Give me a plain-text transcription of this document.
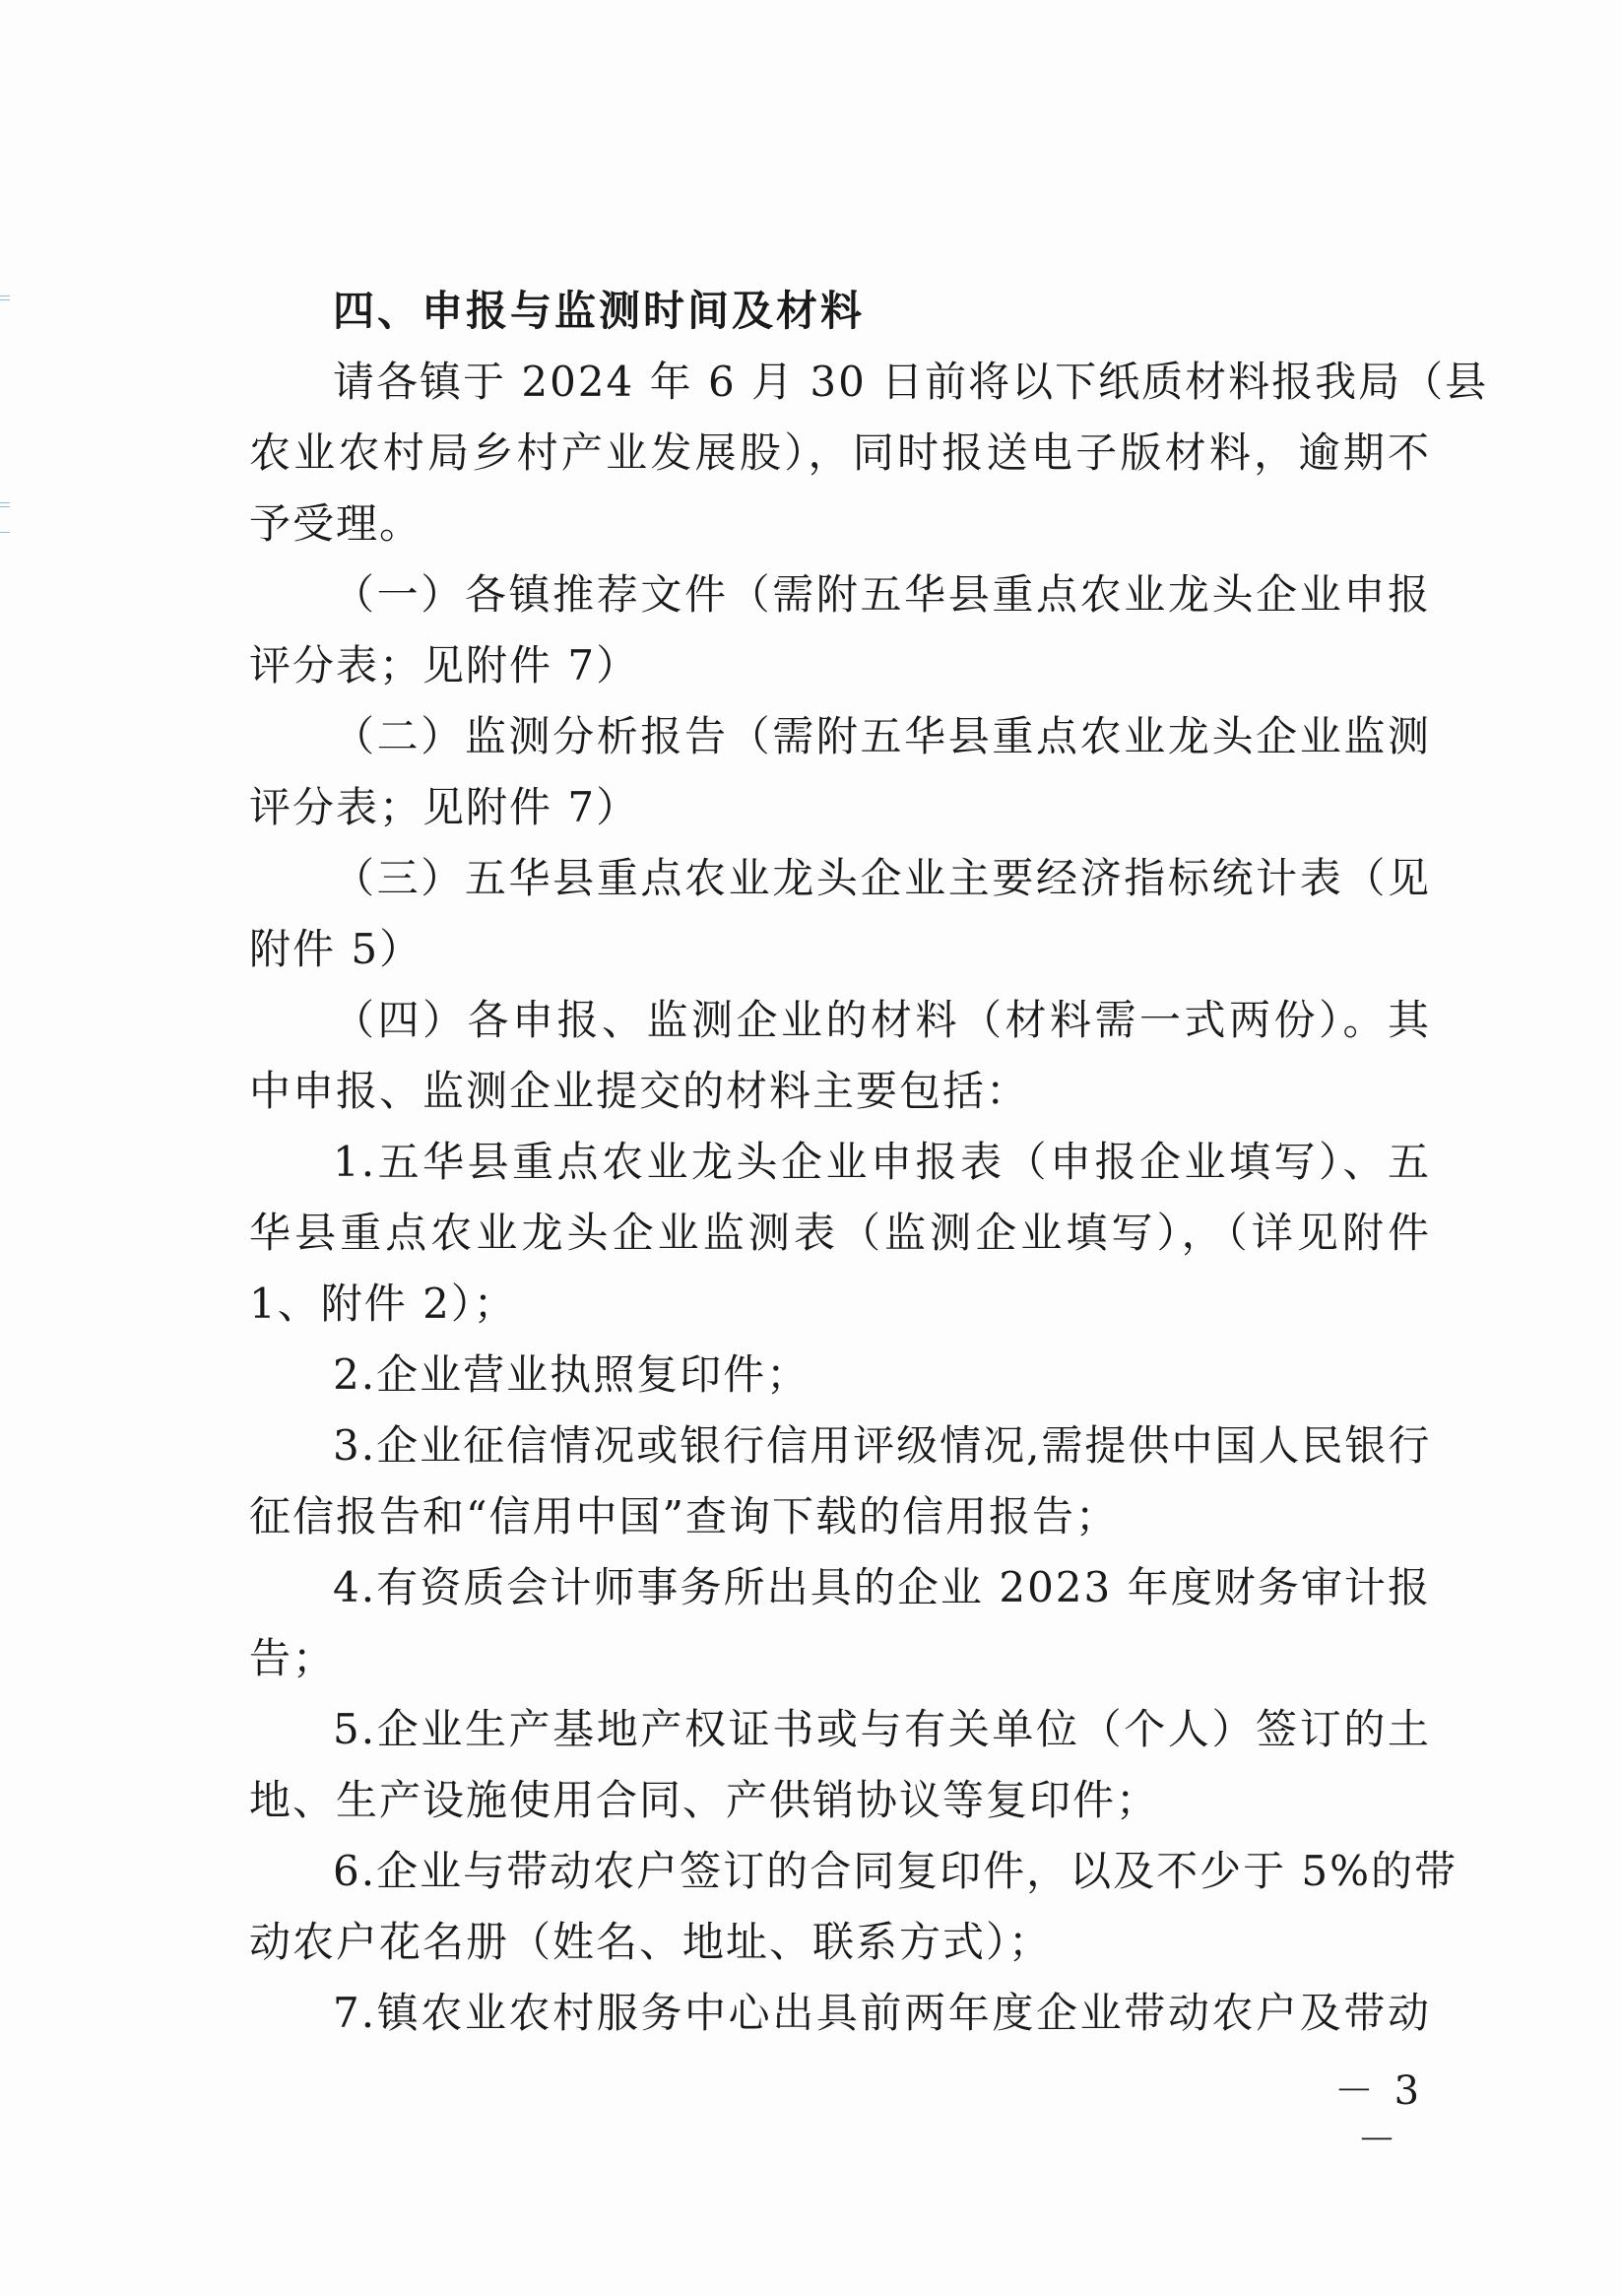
四、申报与监测时间及材料
请各镇于 2024 年 6 月 30 日前将以下纸质材料报我局（县
农业农村局乡村产业发展股），同时报送电子版材料，逾期不
予受理。
（一）各镇推荐文件（需附五华县重点农业龙头企业申报
评分表；见附件 7）
（二）监测分析报告（需附五华县重点农业龙头企业监测
评分表；见附件 7）
（三）五华县重点农业龙头企业主要经济指标统计表（见
附件 5）
（四）各申报、监测企业的材料（材料需一式两份）。其
中申报、监测企业提交的材料主要包括：
1.五华县重点农业龙头企业申报表（申报企业填写）、五
华县重点农业龙头企业监测表（监测企业填写），（详见附件
1、附件 2）；
2.企业营业执照复印件；
3.企业征信情况或银行信用评级情况,需提供中国人民银行
征信报告和“信用中国”查询下载的信用报告；
4.有资质会计师事务所出具的企业 2023 年度财务审计报
告；
5.企业生产基地产权证书或与有关单位（个人）签订的土
地、生产设施使用合同、产供销协议等复印件；
6.企业与带动农户签订的合同复印件，以及不少于 5%的带
动农户花名册（姓名、地址、联系方式）；
7.镇农业农村服务中心出具前两年度企业带动农户及带动
－ 3 －
